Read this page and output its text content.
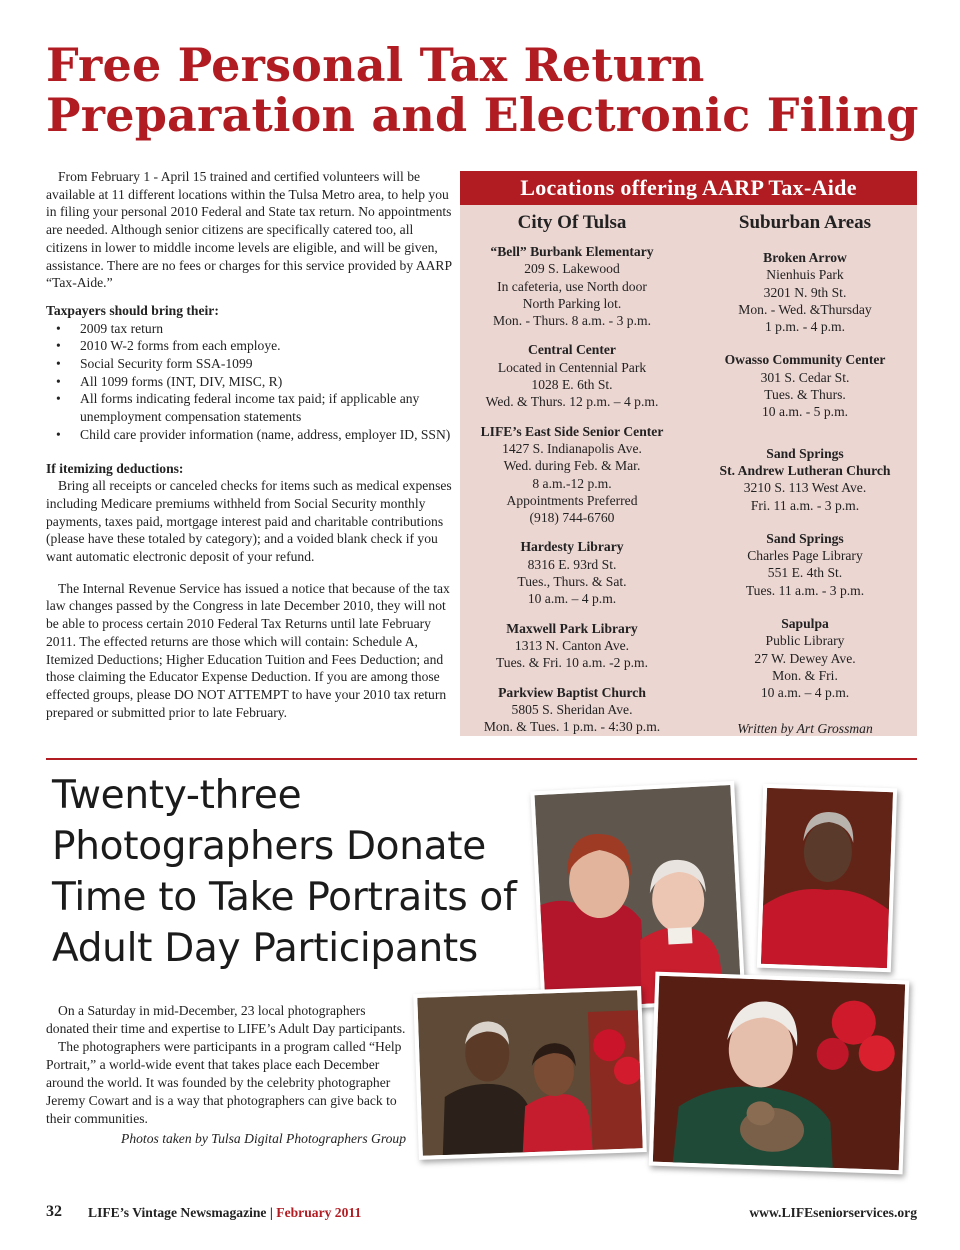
Free Personal Tax Return
Preparation and Electronic Filing

From February 1 - April 15 trained and certified volunteers will be available at 11 different locations within the Tulsa Metro area, to help you in filing your personal 2010 Federal and State tax return. No appointments are needed. Although senior citizens are specifically catered too, all citizens in lower to middle income levels are eligible, and will be given, assistance. There are no fees or charges for this service provided by AARP “Tax-Aide.”

Taxpayers should bring their:
• 2009 tax return
• 2010 W-2 forms from each employe.
• Social Security form SSA-1099
• All 1099 forms (INT, DIV, MISC, R)
• All forms indicating federal income tax paid; if applicable any unemployment compensation statements
• Child care provider information (name, address, employer ID, SSN)
If itemizing deductions:

Bring all receipts or canceled checks for items such as medical expenses including Medicare premiums withheld from Social Security monthly payments, taxes paid, mortgage interest paid and charitable contributions (please have these totaled by category); and a voided blank check if you want automatic electronic deposit of your refund.

The Internal Revenue Service has issued a notice that because of the tax law changes passed by the Congress in late December 2010, they will not be able to process certain 2010 Federal Tax Returns until late February 2011. The effected returns are those which will contain: Schedule A, Itemized Deductions; Higher Education Tuition and Fees Deduction; and those claiming the Educator Expense Deduction. If you are among those effected groups, please DO NOT ATTEMPT to have your 2010 tax return prepared or submitted prior to late February.

Locations offering AARP Tax-Aide
City Of Tulsa
“Bell” Burbank Elementary
209 S. Lakewood
In cafeteria, use North door
North Parking lot.
Mon. - Thurs. 8 a.m. - 3 p.m.
Central Center
Located in Centennial Park
1028 E. 6th St.
Wed. & Thurs. 12 p.m. – 4 p.m.
LIFE’s East Side Senior Center
1427 S. Indianapolis Ave.
Wed. during Feb. & Mar.
8 a.m.-12 p.m.
Appointments Preferred
(918) 744-6760
Hardesty Library
8316 E. 93rd St.
Tues., Thurs. & Sat.
10 a.m. – 4 p.m.
Maxwell Park Library
1313 N. Canton Ave.
Tues. & Fri. 10 a.m. -2 p.m.
Parkview Baptist Church
5805 S. Sheridan Ave.
Mon. & Tues. 1 p.m. - 4:30 p.m.
Suburban Areas
Broken Arrow
Nienhuis Park
3201 N. 9th St.
Mon. - Wed. &Thursday
1 p.m. - 4 p.m.
Owasso Community Center
301 S. Cedar St.
Tues. & Thurs.
10 a.m. - 5 p.m.
Sand Springs
St. Andrew Lutheran Church
3210 S. 113 West Ave.
Fri. 11 a.m. - 3 p.m.
Sand Springs
Charles Page Library
551 E. 4th St.
Tues. 11 a.m. - 3 p.m.
Sapulpa
Public Library
27 W. Dewey Ave.
Mon. & Fri.
10 a.m. – 4 p.m.
Written by Art Grossman
Twenty-three
Photographers Donate
Time to Take Portraits of
Adult Day Participants

On a Saturday in mid-December, 23 local photographers donated their time and expertise to LIFE’s Adult Day participants.

The photographers were participants in a program called “Help Portrait,” a world-wide event that takes place each December around the world. It was founded by the celebrity photographer Jeremy Cowart and is a way that photographers can give back to their communities.

Photos taken by Tulsa Digital Photographers Group
32 LIFE’s Vintage Newsmagazine | February 2011	www.LIFEseniorservices.org
